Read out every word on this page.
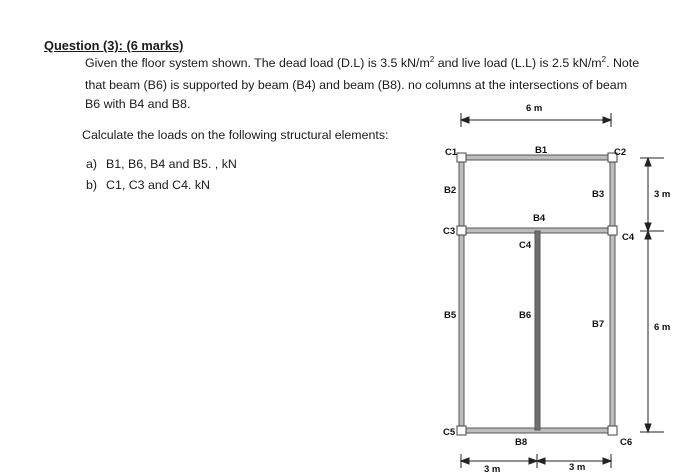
Question (3): (6 marks)
Given the floor system shown. The dead load (D.L) is 3.5 $kN/m^2$ and live load (L.L) is 2.5 $kN/m^2$. Note
that beam (B6) is supported by beam (B4) and beam (B8). no columns at the intersections of beam
B6 with B4 and B8.
Calculate the loads on the following structural elements:
a) B1, B6, B4 and B5. , kN
b) C1, C3 and C4. kN
B1
B2	B3
B4
B5	B6
B7
B8
C1	C2
C3
C4
C4
C5
C6
6 m
3 m
6 m
3 m	3 m
